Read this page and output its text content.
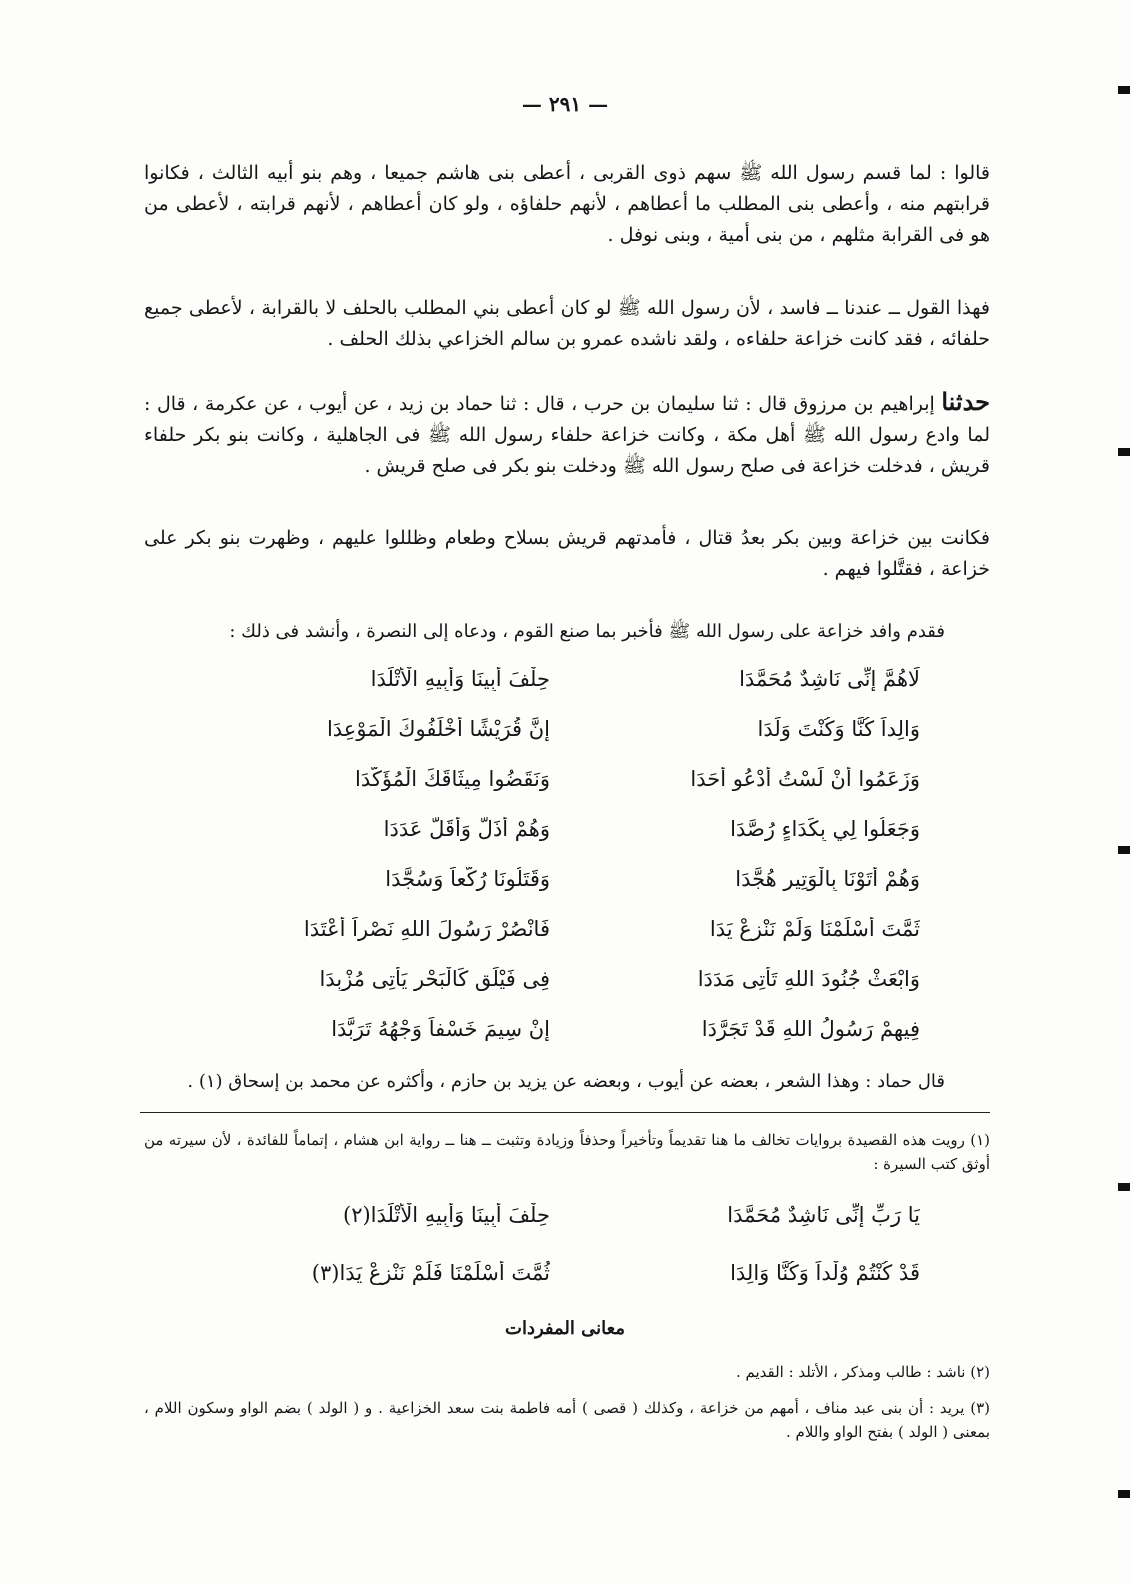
— ٢٩١ —

قالوا : لما قسم رسول الله ﷺ سهم ذوى القربى ، أعطى بنى هاشم جميعا ، وهم بنو أبيه الثالث ، فكانوا قرابتهم منه ، وأعطى بنى المطلب ما أعطاهم ، لأنهم حلفاؤه ، ولو كان أعطاهم ، لأنهم قرابته ، لأعطى من هو فى القرابة مثلهم ، من بنى أمية ، وبنى نوفل .

فهذا القول ــ عندنا ــ فاسد ، لأن رسول الله ﷺ لو كان أعطى بني المطلب بالحلف لا بالقرابة ، لأعطى جميع حلفائه ، فقد كانت خزاعة حلفاءه ، ولقد ناشده عمرو بن سالم الخزاعي بذلك الحلف .

حدثنا إبراهيم بن مرزوق قال : ثنا سليمان بن حرب ، قال : ثنا حماد بن زيد ، عن أيوب ، عن عكرمة ، قال : لما وادع رسول الله ﷺ أهل مكة ، وكانت خزاعة حلفاء رسول الله ﷺ فى الجاهلية ، وكانت بنو بكر حلفاء قريش ، فدخلت خزاعة فى صلح رسول الله ﷺ ودخلت بنو بكر فى صلح قريش .

فكانت بين خزاعة وبين بكر بعدُ قتال ، فأمدتهم قريش بسلاح وطعام وظللوا عليهم ، وظهرت بنو بكر على خزاعة ، فقتَّلوا فيهم .

فقدم وافد خزاعة على رسول الله ﷺ فأخبر بما صنع القوم ، ودعاه إلى النصرة ، وأنشد فى ذلك :
لَاهُمَّ إِنِّى نَاشِدٌ مُحَمَّدَا
حِلْفَ أَبِينَا وَأَبِيهِ الْأَتْلَدَا
وَالِداً كُنَّا وَكُنْتَ وَلَدَا
إِنَّ قُرَيْشًا أَخْلَفُوكَ الْمَوْعِدَا
وَزَعَمُوا أَنْ لَسْتُ أَدْعُو أَحَدَا
وَنَقَضُوا مِيثَاقَكَ الْمُؤَكَّدَا
وَجَعَلُوا لِي بِكَدَاءٍ رُصَّدَا
وَهُمْ أَذَلُّ وَأَقَلُّ عَدَدَا
وَهُمْ أَتَوْنَا بِالْوَتِيرِ هُجَّدَا
وَقَتَلُونَا رُكَّعاً وَسُجَّدَا
ثَمَّتَ أَسْلَمْنَا وَلَمْ نَنْزِعْ يَدَا
فَانْصُرْ رَسُولَ اللهِ نَصْراً أَعْتَدَا
وَابْعَثْ جُنُودَ اللهِ تَأْتِى مَدَدَا
فِى فَيْلَقٍ كَالْبَحْرِ يَأْتِى مُزْبِدَا
فِيهِمْ رَسُولُ اللهِ قَدْ تَجَرَّدَا
إِنْ سِيمَ خَسْفاً وَجْهُهُ تَرَبَّدَا
قال حماد : وهذا الشعر ، بعضه عن أيوب ، وبعضه عن يزيد بن حازم ، وأكثره عن محمد بن إسحاق (١) .
(١) رويت هذه القصيدة بروايات تخالف ما هنا تقديماً وتأخيراً وحذفاً وزيادة وتثبت ــ هنا ــ رواية ابن هشام ، إتماماً للفائدة ، لأن سيرته من أوثق كتب السيرة :
يَا رَبِّ إِنِّى نَاشِدٌ مُحَمَّدَا
حِلْفَ أَبِينَا وَأَبِيهِ الْأَتْلَدَا(٢)
قَدْ كُنْتُمْ وُلْداً وَكُنَّا وَالِدَا
ثُمَّتَ أَسْلَمْنَا فَلَمْ نَنْزِعْ يَدَا(٣)
معانى المفردات
(٢) ناشد : طالب ومذكر ، الأتلد : القديم .
(٣) يريد : أن بنى عبد مناف ، أمهم من خزاعة ، وكذلك ( قصى ) أمه فاطمة بنت سعد الخزاعية . و ( الولد ) بضم الواو وسكون اللام ، بمعنى ( الولد ) بفتح الواو واللام .
